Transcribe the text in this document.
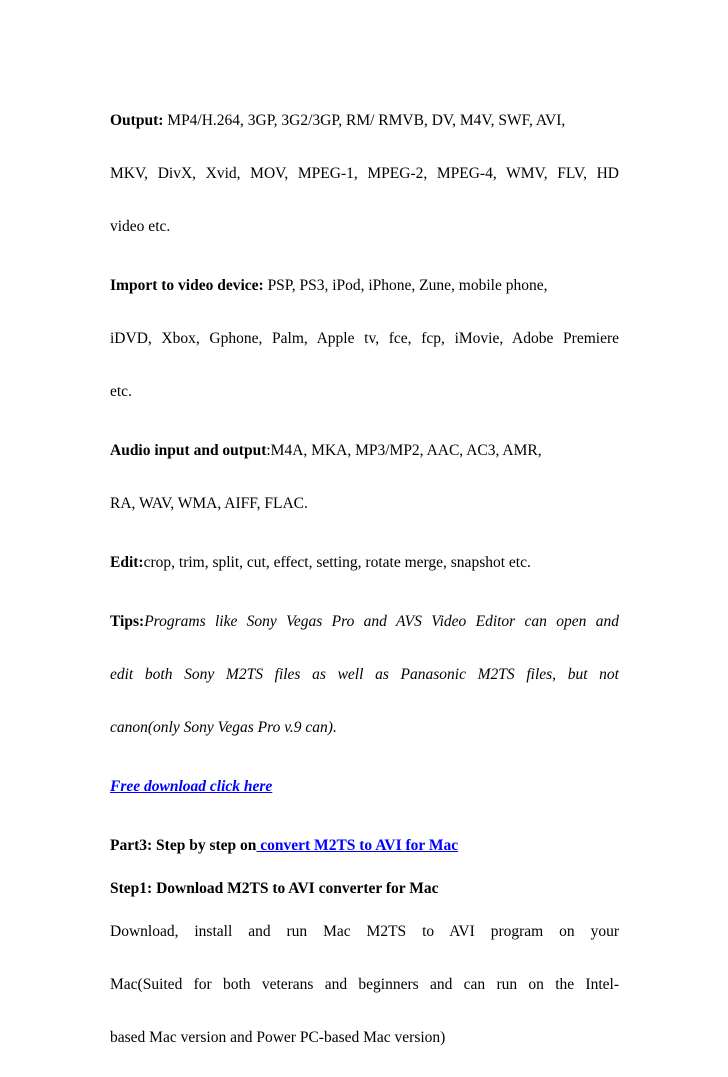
Output: MP4/H.264, 3GP, 3G2/3GP, RM/ RMVB, DV, M4V, SWF, AVI,
MKV, DivX, Xvid, MOV, MPEG-1, MPEG-2, MPEG-4, WMV, FLV, HD
video etc.
Import to video device: PSP, PS3, iPod, iPhone, Zune, mobile phone,
iDVD, Xbox, Gphone, Palm, Apple tv, fce, fcp, iMovie, Adobe Premiere
etc.
Audio input and output:M4A, MKA, MP3/MP2, AAC, AC3, AMR,
RA, WAV, WMA, AIFF, FLAC.
Edit:crop, trim, split, cut, effect, setting, rotate merge, snapshot etc.
Tips:Programs like Sony Vegas Pro and AVS Video Editor can open and
edit both Sony M2TS files as well as Panasonic M2TS files, but not
canon(only Sony Vegas Pro v.9 can).
Free download click here
Part3: Step by step on convert M2TS to AVI for Mac
Step1: Download M2TS to AVI converter for Mac
Download, install and run Mac M2TS to AVI program on your
Mac(Suited for both veterans and beginners and can run on the Intel-
based Mac version and Power PC-based Mac version)
